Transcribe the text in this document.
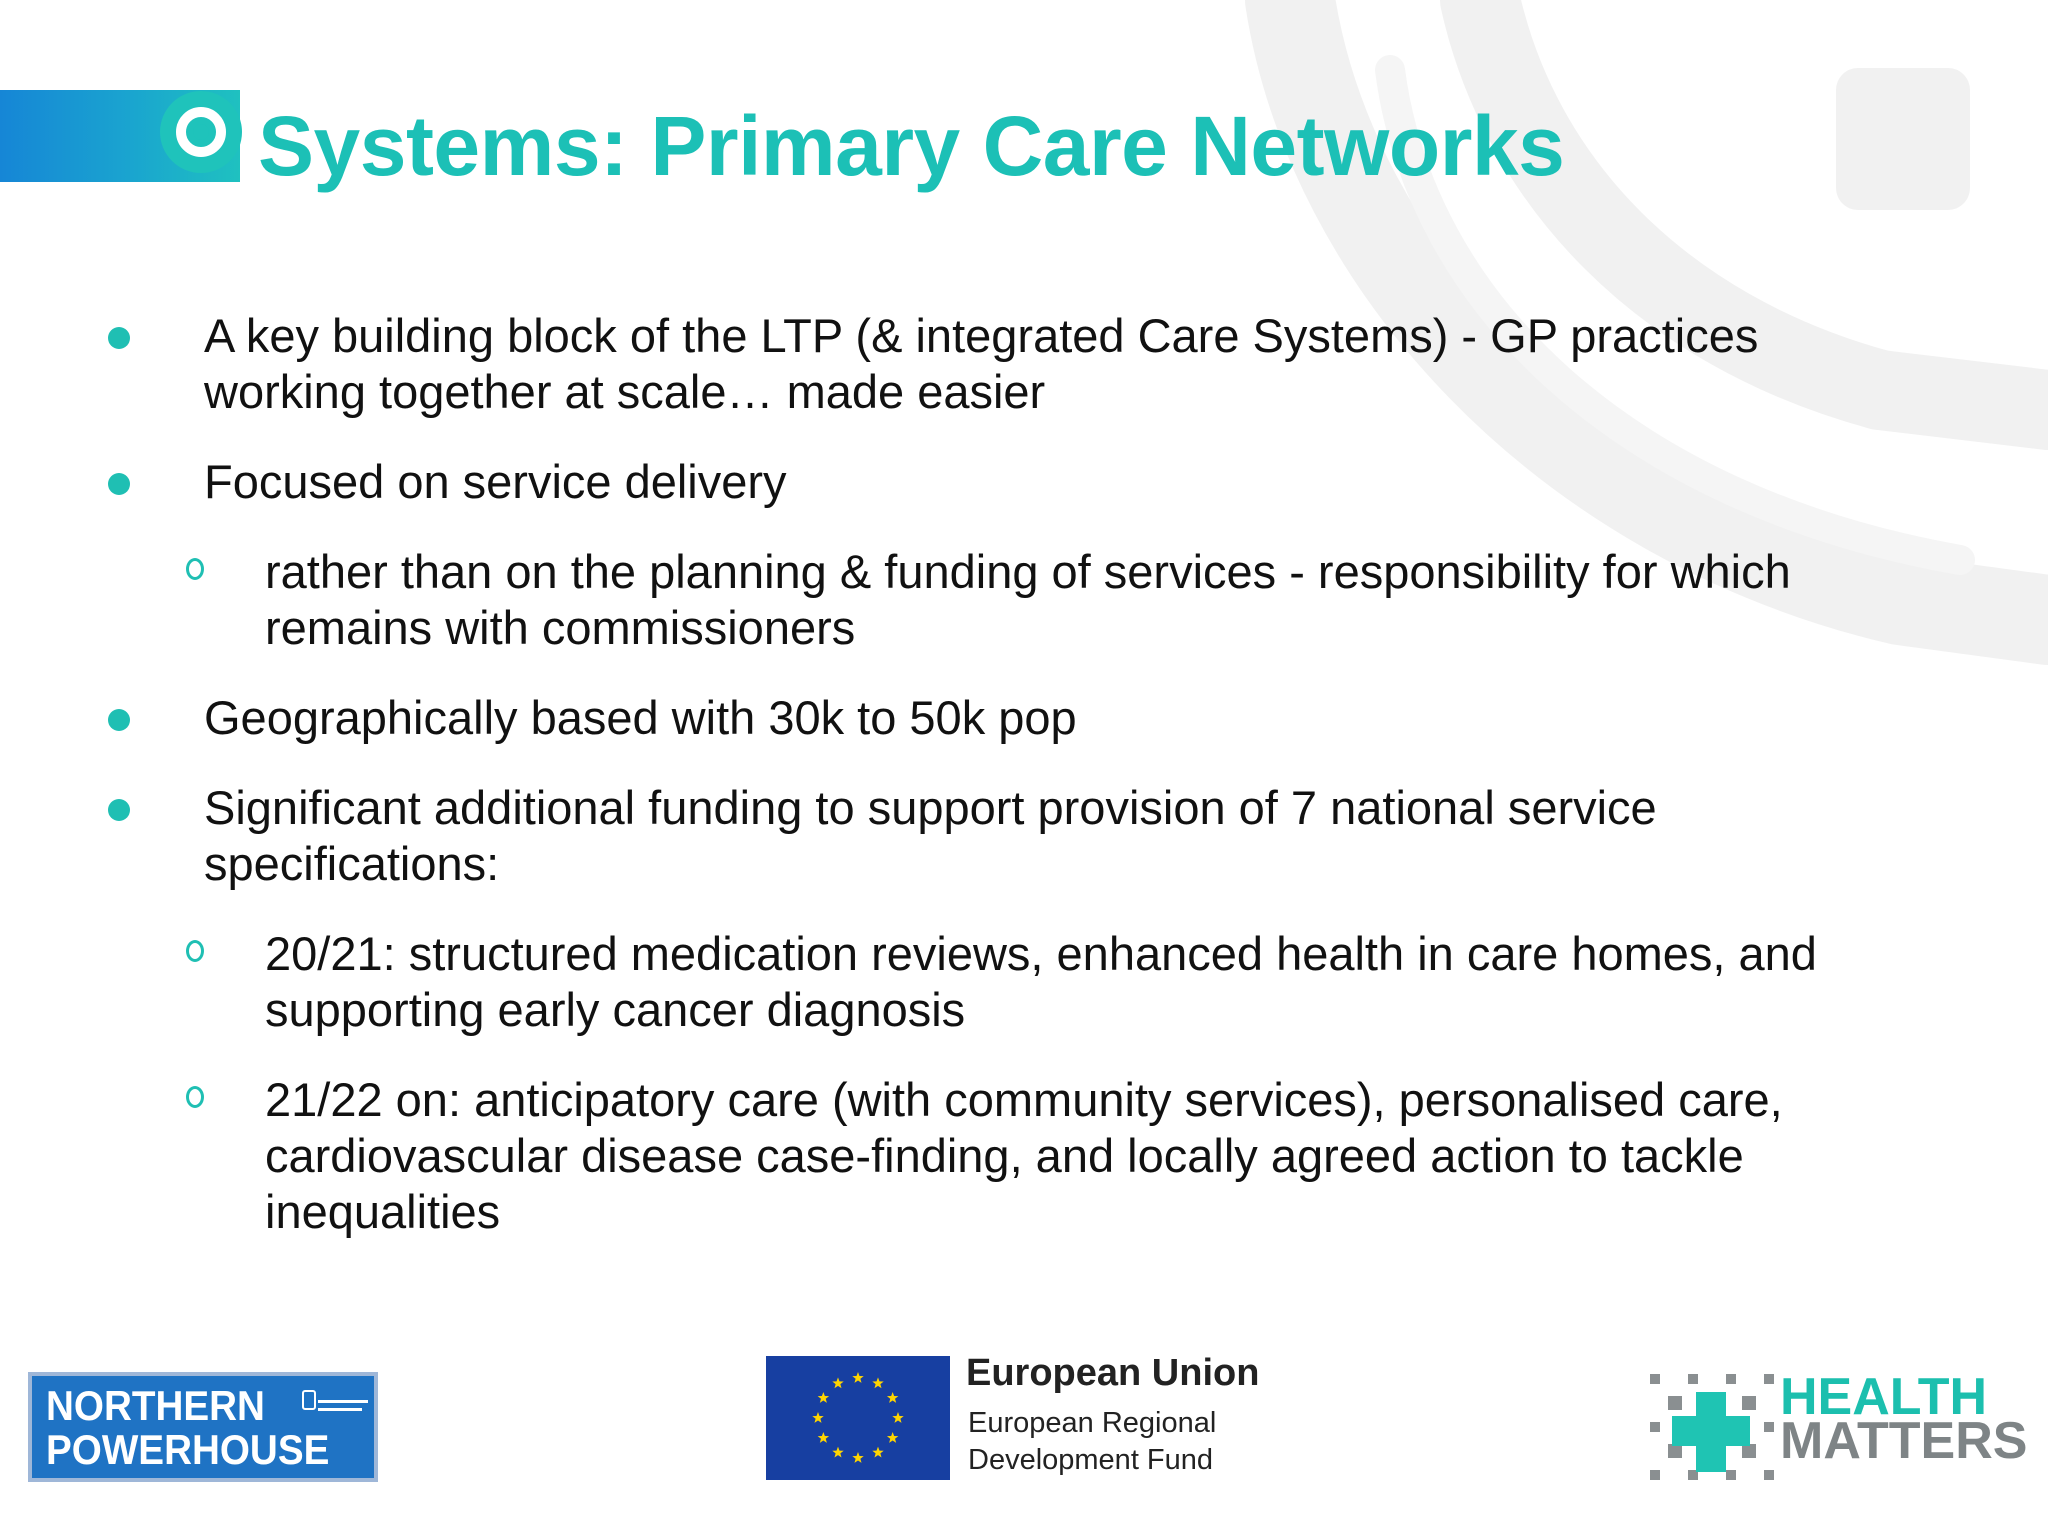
Systems: Primary Care Networks
A key building block of the LTP (& integrated Care Systems) - GP practices working together at scale… made easier
Focused on service delivery
rather than on the planning & funding of services - responsibility for which remains with commissioners
Geographically based with 30k to 50k pop
Significant additional funding to support provision of 7 national service specifications:
20/21: structured medication reviews, enhanced health in care homes, and supporting early cancer diagnosis
21/22 on: anticipatory care (with community services), personalised care, cardiovascular disease case-finding, and locally agreed action to tackle inequalities
NORTHERN
POWERHOUSE
European Union
European Regional
Development Fund
HEALTH
MATTERS
